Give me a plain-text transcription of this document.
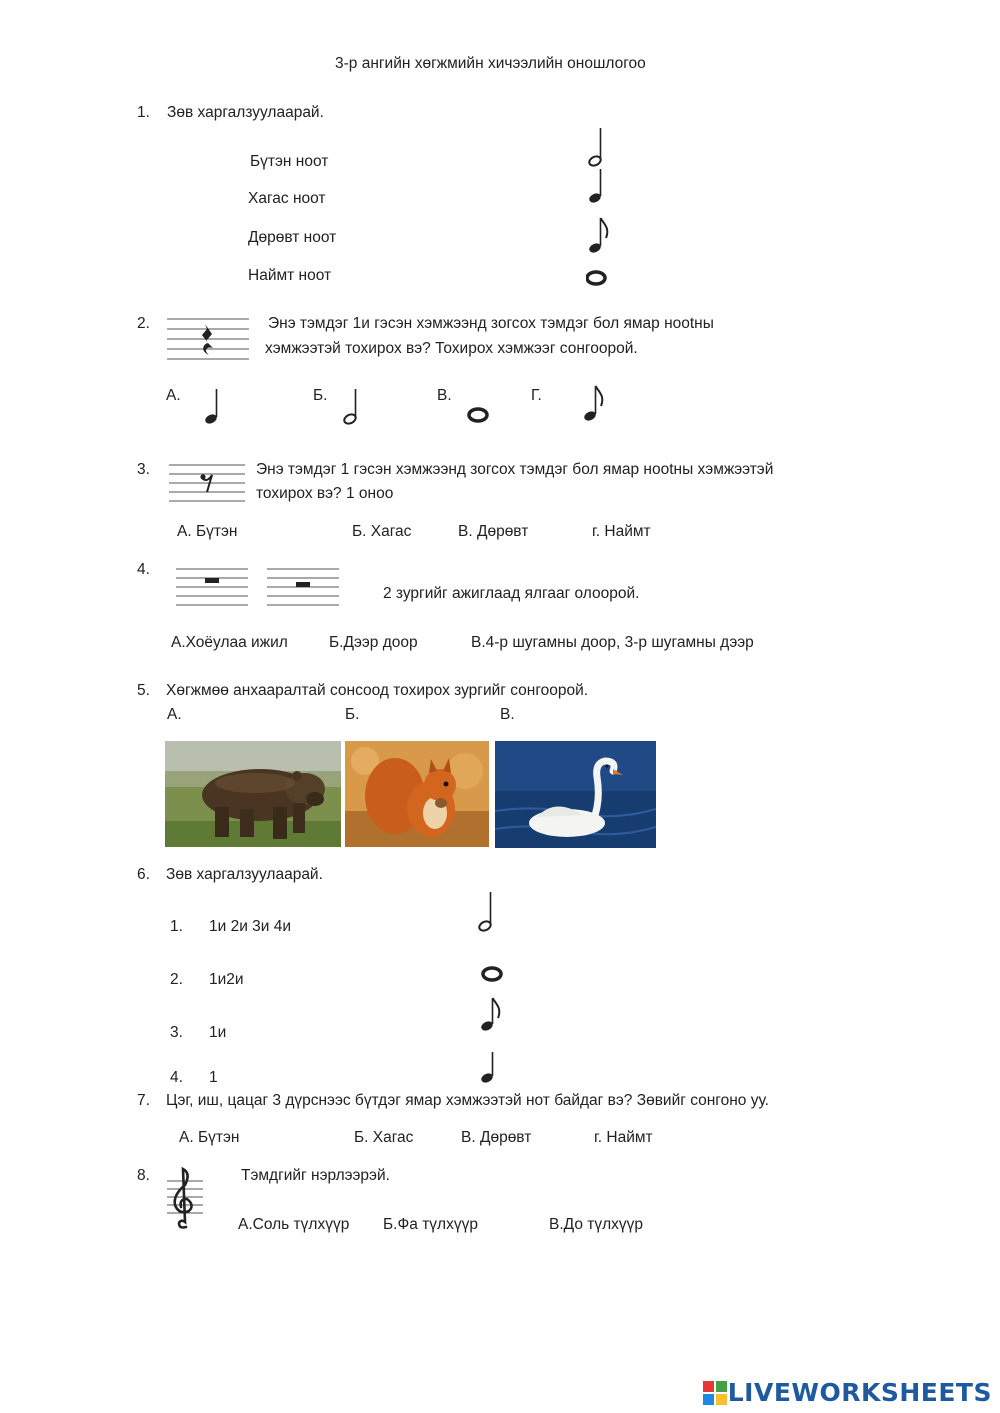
3-р ангийн хөгжмийн хичээлийн оношлогоо
1. Зөв харгалзуулаарай.
Бүтэн ноот
Хагас ноот
Дөрөвт ноот
Наймт ноот
2.	Энэ тэмдэг 1и гэсэн хэмжээнд зогсох тэмдэг бол ямар нootны
хэмжээтэй тохирох вэ? Тохирох хэмжээг сонгоорой.
А.	Б.	В.	Г.
3.	Энэ тэмдэг 1 гэсэн хэмжээнд зогсох тэмдэг бол ямар нootны хэмжээтэй
тохирох вэ? 1 оноо
А. Бүтэн	Б. Хагас	В. Дөрөвт	г. Наймт
4.
2 зургийг ажиглаад ялгааг олоорой.
А.Хоёулаа ижил	Б.Дээр доор	В.4-р шугамны доор, 3-р шугамны дээр
5. Хөгжмөө анхааралтай сонсоод тохирох зургийг сонгоорой.
А.	Б.	В.
6. Зөв харгалзуулаарай.
1. 1и 2и 3и 4и
2. 1и2и
3. 1и
4. 1
7. Цэг, иш, цацаг 3 дүрснээс бүтдэг ямар хэмжээтэй нот байдаг вэ? Зөвийг сонгоно уу.
А. Бүтэн	Б. Хагас	В. Дөрөвт	г. Наймт
8.	Тэмдгийг нэрлээрэй.
А.Соль түлхүүр Б.Фа түлхүүр	В.До түлхүүр
LIVEWORKSHEETS
